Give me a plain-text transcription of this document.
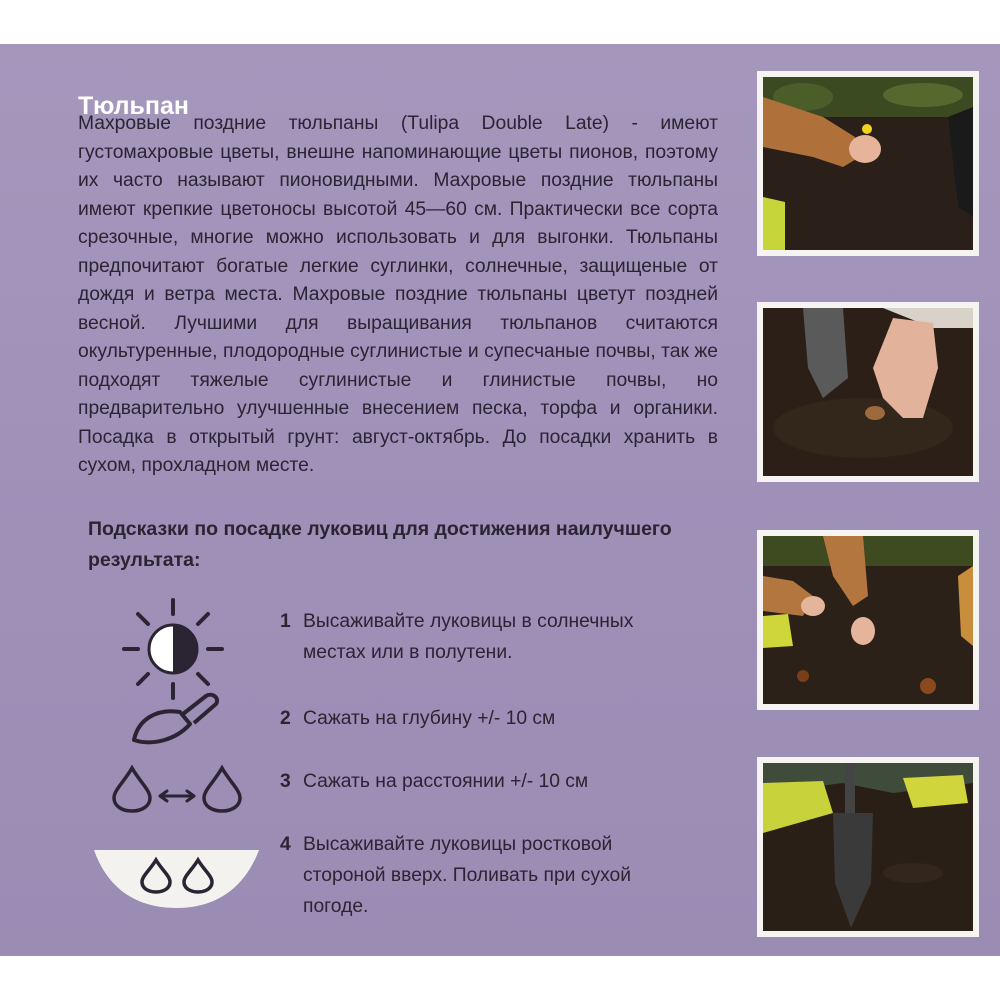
Тюльпан
Махровые поздние тюльпаны (Tulipa Double Late) - имеют густомахровые цветы, внешне напоминающие цветы пионов, поэтому их часто называют пионовидными. Махровые поздние тюльпаны имеют крепкие цветоносы высотой 45—60 см. Практически все сорта срезочные, многие можно использовать и для выгонки. Тюльпаны предпочитают богатые легкие суглинки, солнечные, защищеные от дождя и ветра места. Махровые поздние тюльпаны цветут поздней весной. Лучшими для выращивания тюльпанов считаются окультуренные, плодородные суглинистые и супесчаные почвы, так же подходят тяжелые суглинистые и глинистые почвы, но предварительно улучшенные внесением песка, торфа и органики. Посадка в открытый грунт: август-октябрь. До посадки хранить в сухом, прохладном месте.
Подсказки по посадке луковиц для достижения наилучшего результата:
1 Высаживайте луковицы в солнечных местах или в полутени.
2 Сажать на глубину +/- 10 см
3 Сажать на расстоянии +/- 10 см
4 Высаживайте луковицы ростковой стороной вверх. Поливать при сухой погоде.
